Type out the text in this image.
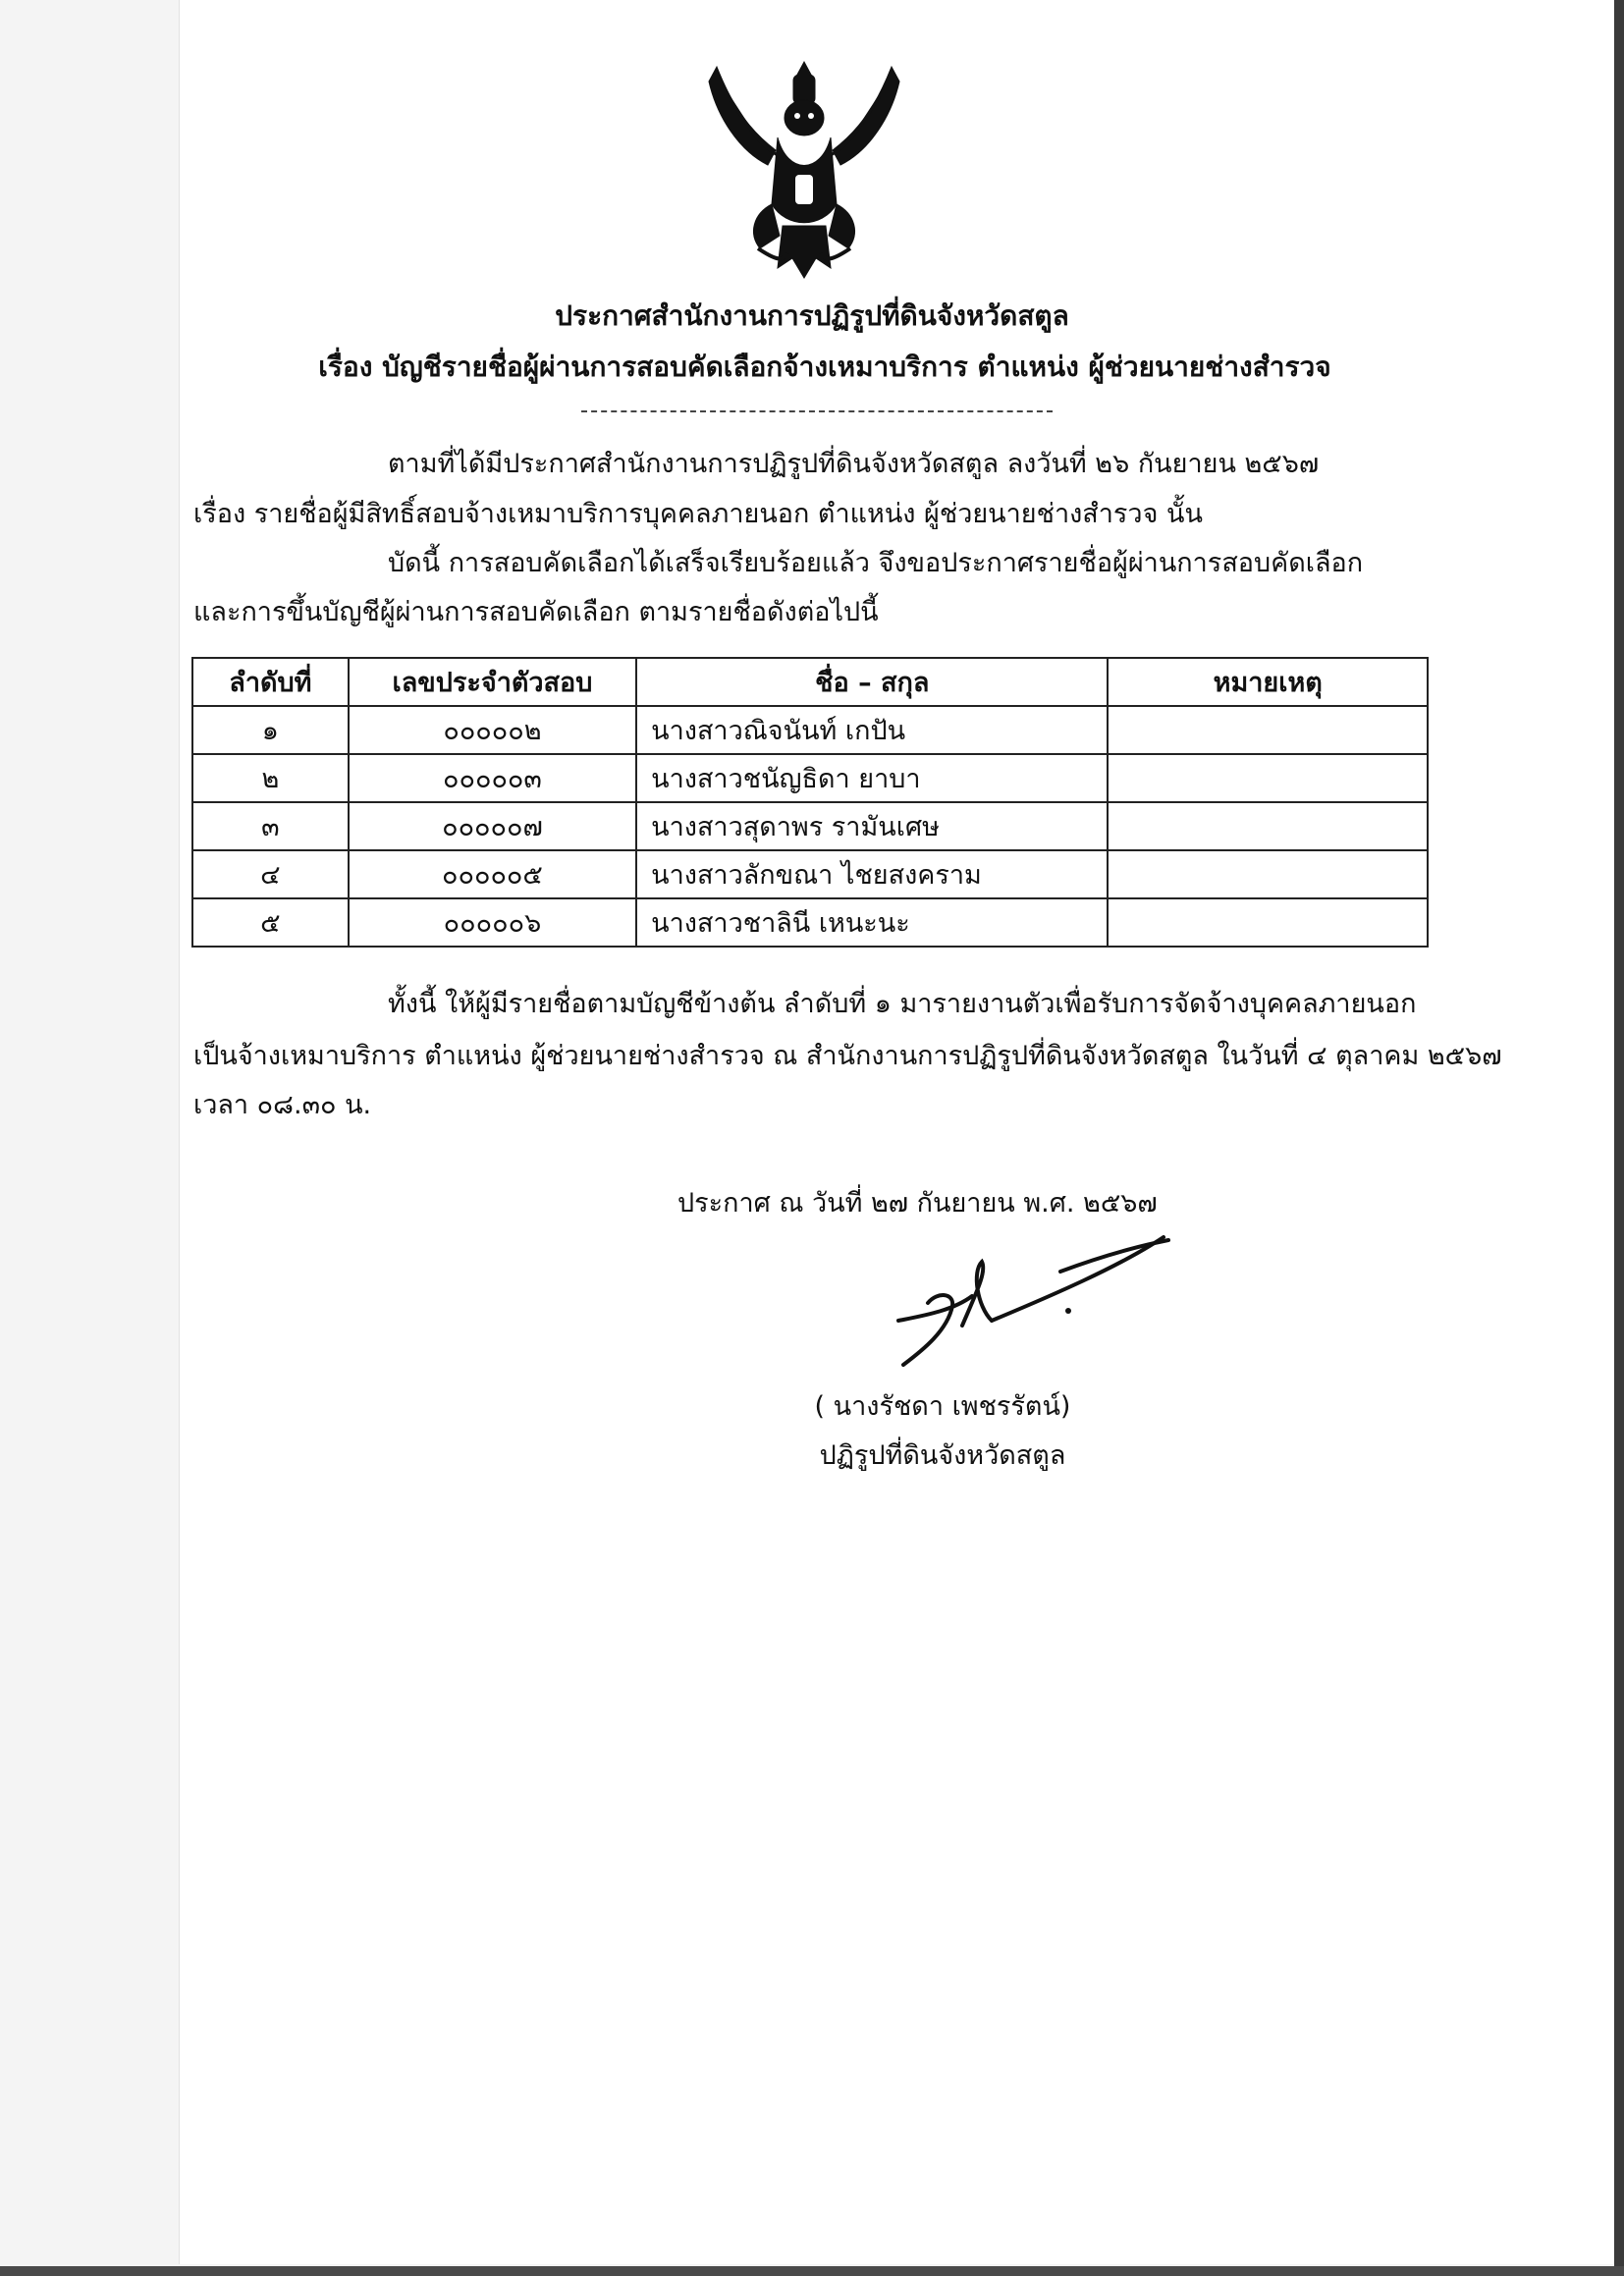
ประกาศสำนักงานการปฏิรูปที่ดินจังหวัดสตูล
เรื่อง บัญชีรายชื่อผู้ผ่านการสอบคัดเลือกจ้างเหมาบริการ ตำแหน่ง ผู้ช่วยนายช่างสำรวจ
ตามที่ได้มีประกาศสำนักงานการปฏิรูปที่ดินจังหวัดสตูล ลงวันที่ ๒๖ กันยายน ๒๕๖๗
เรื่อง รายชื่อผู้มีสิทธิ์สอบจ้างเหมาบริการบุคคลภายนอก ตำแหน่ง ผู้ช่วยนายช่างสำรวจ นั้น
บัดนี้ การสอบคัดเลือกได้เสร็จเรียบร้อยแล้ว จึงขอประกาศรายชื่อผู้ผ่านการสอบคัดเลือก
และการขึ้นบัญชีผู้ผ่านการสอบคัดเลือก ตามรายชื่อดังต่อไปนี้
ลำดับที่	เลขประจำตัวสอบ	ชื่อ – สกุล	หมายเหตุ
๑	๐๐๐๐๐๒	นางสาวณิจนันท์ เกปัน	
๒	๐๐๐๐๐๓	นางสาวชนัญธิดา ยาบา	
๓	๐๐๐๐๐๗	นางสาวสุดาพร รามันเศษ	
๔	๐๐๐๐๐๕	นางสาวลักขณา ไชยสงคราม	
๕	๐๐๐๐๐๖	นางสาวชาลินี เหนะนะ	
ทั้งนี้ ให้ผู้มีรายชื่อตามบัญชีข้างต้น ลำดับที่ ๑ มารายงานตัวเพื่อรับการจัดจ้างบุคคลภายนอก
เป็นจ้างเหมาบริการ ตำแหน่ง ผู้ช่วยนายช่างสำรวจ ณ สำนักงานการปฏิรูปที่ดินจังหวัดสตูล ในวันที่ ๔ ตุลาคม ๒๕๖๗
เวลา ๐๘.๓๐ น.
ประกาศ ณ วันที่ ๒๗ กันยายน พ.ศ. ๒๕๖๗
( นางรัชดา เพชรรัตน์)
ปฏิรูปที่ดินจังหวัดสตูล
